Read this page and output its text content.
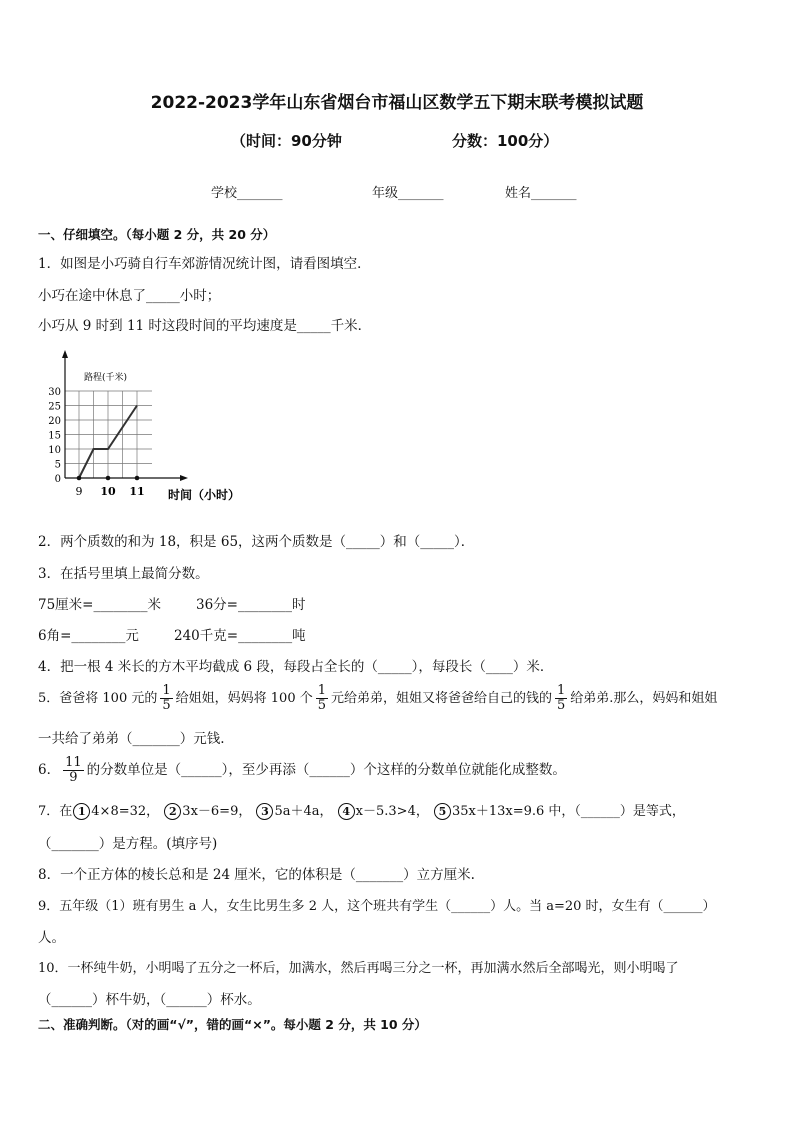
2022-2023学年山东省烟台市福山区数学五下期末联考模拟试题
（时间：90分钟	分数：100分）
学校_______	年级_______	姓名_______
一、仔细填空。（每小题 2 分，共 20 分）
1．如图是小巧骑自行车郊游情况统计图，请看图填空．
小巧在途中休息了_____小时；
小巧从 9 时到 11 时这段时间的平均速度是_____千米．
路程(千米)
时间（小时）
0
5
10
15
20
25
30
9 10 11
2．两个质数的和为 18，积是 65，这两个质数是（_____）和（_____）．
3．在括号里填上最简分数。
75厘米=________米	36分=________时
6角=________元	240千克=________吨
4．把一根 4 米长的方木平均截成 6 段，每段占全长的（_____），每段长（____）米．
5．爸爸将 100 元的 $\frac{1}{5}$ 给姐姐，妈妈将 100 个 $\frac{1}{5}$ 元给弟弟，姐姐又将爸爸给自己的钱的 $\frac{1}{5}$ 给弟弟.那么，妈妈和姐姐
一共给了弟弟（_______）元钱.
6． $\frac{11}{9}$ 的分数单位是（______），至少再添（______）个这样的分数单位就能化成整数。
7．在 1 4×8=32， 2 3x－6=9， 3 5a＋4a， 4 x－5.3>4， 5 35x＋13x=9.6 中，（______）是等式，
（_______）是方程。(填序号)
8．一个正方体的棱长总和是 24 厘米，它的体积是（_______）立方厘米.
9．五年级（1）班有男生 a 人，女生比男生多 2 人，这个班共有学生（______）人。当 a=20 时，女生有（______）
人。
10．一杯纯牛奶，小明喝了五分之一杯后，加满水，然后再喝三分之一杯，再加满水然后全部喝光，则小明喝了
（______）杯牛奶，（______）杯水。
二、准确判断。（对的画“√”，错的画“×”。每小题 2 分，共 10 分）
